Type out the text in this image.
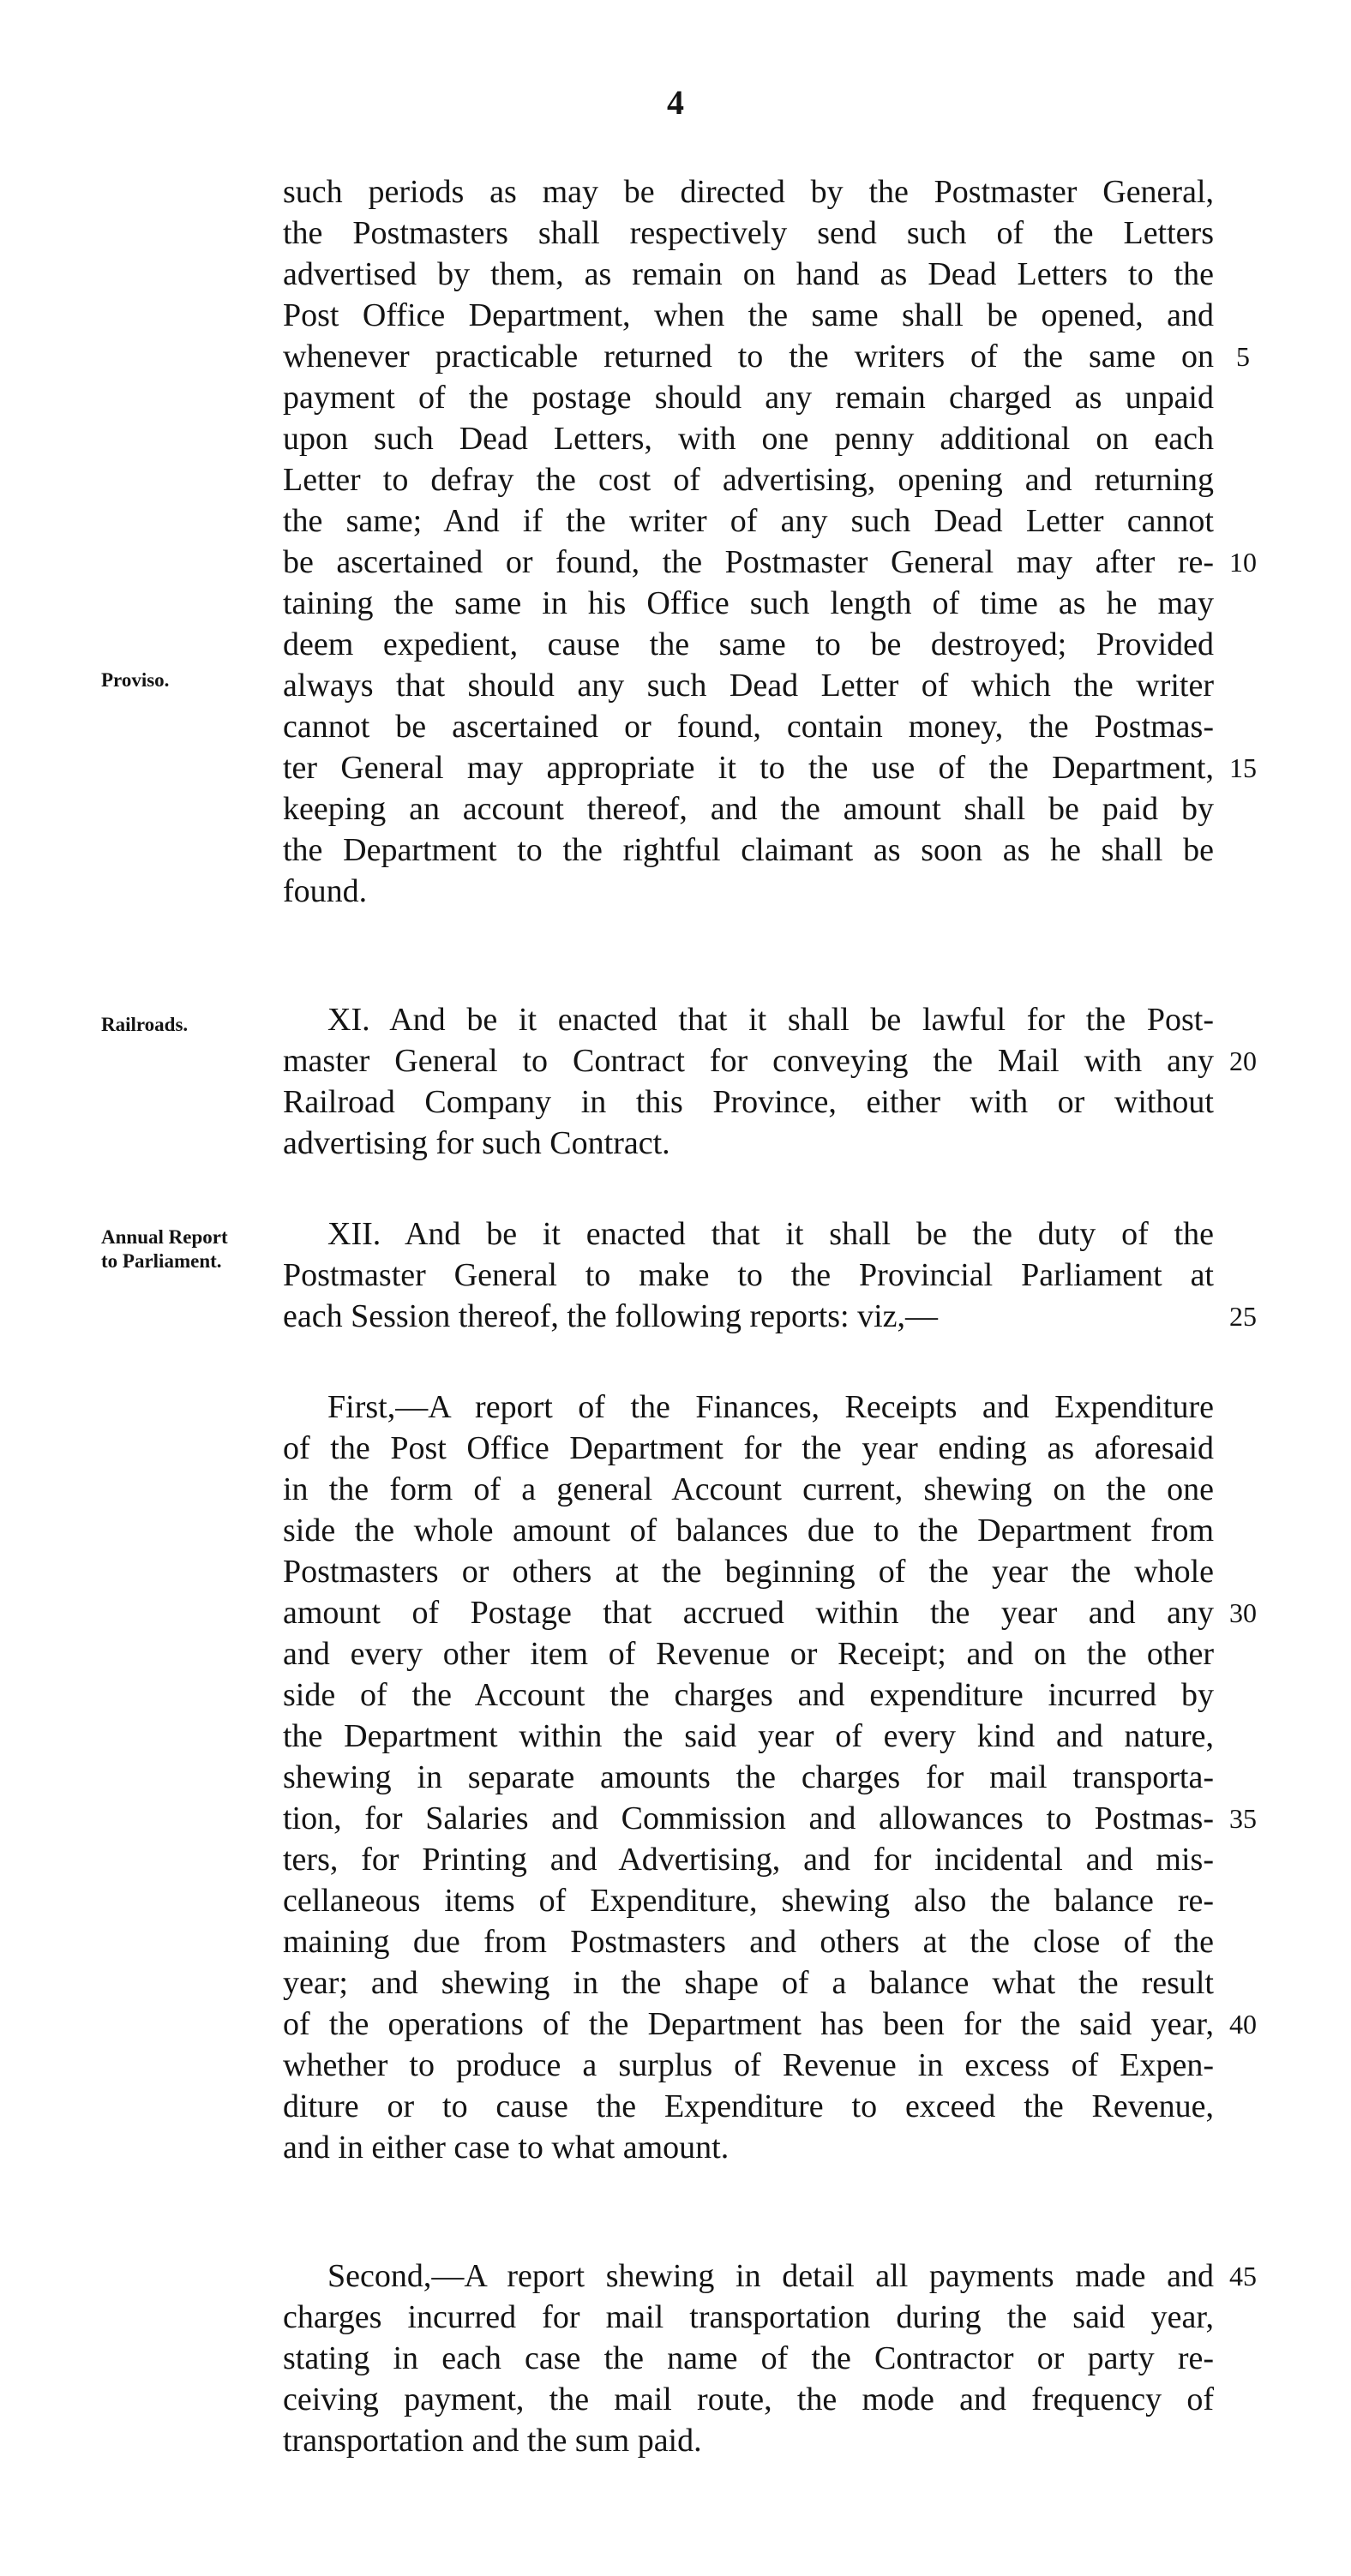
4
Proviso.
Railroads.
Annual Report
to Parliament.
such periods as may be directed by the Postmaster General,
the Postmasters shall respectively send such of the Letters
advertised by them, as remain on hand as Dead Letters to the
Post Office Department, when the same shall be opened, and
whenever practicable returned to the writers of the same on
payment of the postage should any remain charged as unpaid
upon such Dead Letters, with one penny additional on each
Letter to defray the cost of advertising, opening and returning
the same; And if the writer of any such Dead Letter cannot
be ascertained or found, the Postmaster General may after re-
taining the same in his Office such length of time as he may
deem expedient, cause the same to be destroyed; Provided
always that should any such Dead Letter of which the writer
cannot be ascertained or found, contain money, the Postmas-
ter General may appropriate it to the use of the Department,
keeping an account thereof, and the amount shall be paid by
the Department to the rightful claimant as soon as he shall be
found.
XI. And be it enacted that it shall be lawful for the Post-
master General to Contract for conveying the Mail with any
Railroad Company in this Province, either with or without
advertising for such Contract.
XII. And be it enacted that it shall be the duty of the
Postmaster General to make to the Provincial Parliament at
each Session thereof, the following reports: viz,—
First,—A report of the Finances, Receipts and Expenditure
of the Post Office Department for the year ending as aforesaid
in the form of a general Account current, shewing on the one
side the whole amount of balances due to the Department from
Postmasters or others at the beginning of the year the whole
amount of Postage that accrued within the year and any
and every other item of Revenue or Receipt; and on the other
side of the Account the charges and expenditure incurred by
the Department within the said year of every kind and nature,
shewing in separate amounts the charges for mail transporta-
tion, for Salaries and Commission and allowances to Postmas-
ters, for Printing and Advertising, and for incidental and mis-
cellaneous items of Expenditure, shewing also the balance re-
maining due from Postmasters and others at the close of the
year; and shewing in the shape of a balance what the result
of the operations of the Department has been for the said year,
whether to produce a surplus of Revenue in excess of Expen-
diture or to cause the Expenditure to exceed the Revenue,
and in either case to what amount.
Second,—A report shewing in detail all payments made and
charges incurred for mail transportation during the said year,
stating in each case the name of the Contractor or party re-
ceiving payment, the mail route, the mode and frequency of
transportation and the sum paid.
5
10
15
20
25
30
35
40
45
